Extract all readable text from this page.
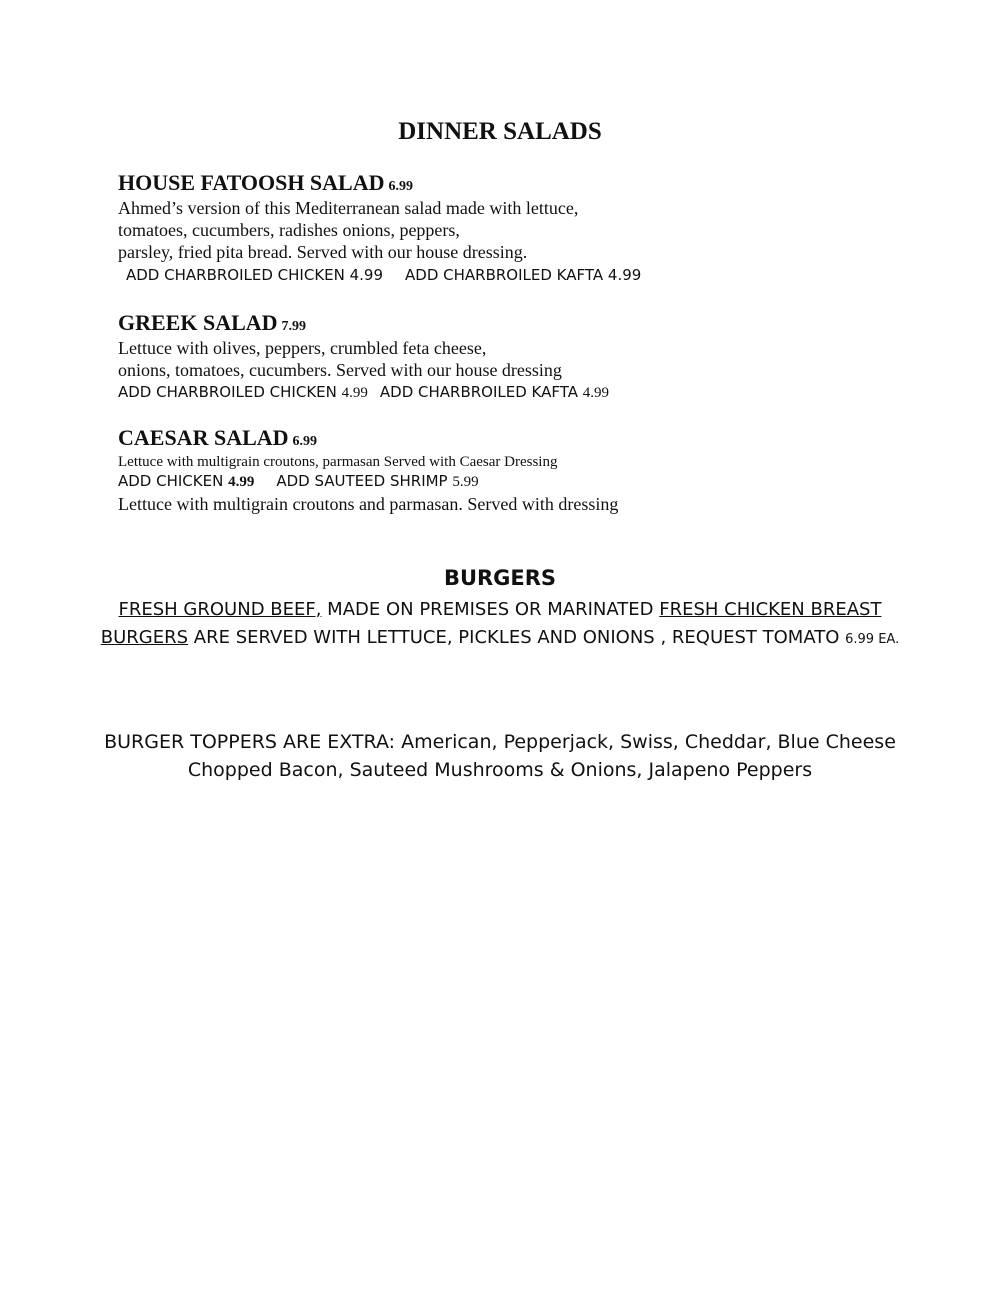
DINNER SALADS
HOUSE FATOOSH SALAD 6.99
Ahmed’s version of this Mediterranean salad made with lettuce,
tomatoes, cucumbers, radishes onions, peppers,
parsley, fried pita bread. Served with our house dressing.
ADD CHARBROILED CHICKEN 4.99 ADD CHARBROILED KAFTA 4.99
GREEK SALAD 7.99
Lettuce with olives, peppers, crumbled feta cheese,
onions, tomatoes, cucumbers. Served with our house dressing
ADD CHARBROILED CHICKEN 4.99 ADD CHARBROILED KAFTA 4.99
CAESAR SALAD 6.99
Lettuce with multigrain croutons, parmasan Served with Caesar Dressing
ADD CHICKEN 4.99 ADD SAUTEED SHRIMP 5.99
Lettuce with multigrain croutons and parmasan. Served with dressing
BURGERS

FRESH GROUND BEEF, MADE ON PREMISES OR MARINATED FRESH CHICKEN BREAST BURGERS ARE SERVED WITH LETTUCE, PICKLES AND ONIONS , REQUEST TOMATO 6.99 EA.

BURGER TOPPERS ARE EXTRA: American, Pepperjack, Swiss, Cheddar, Blue Cheese
Chopped Bacon, Sauteed Mushrooms & Onions, Jalapeno Peppers
